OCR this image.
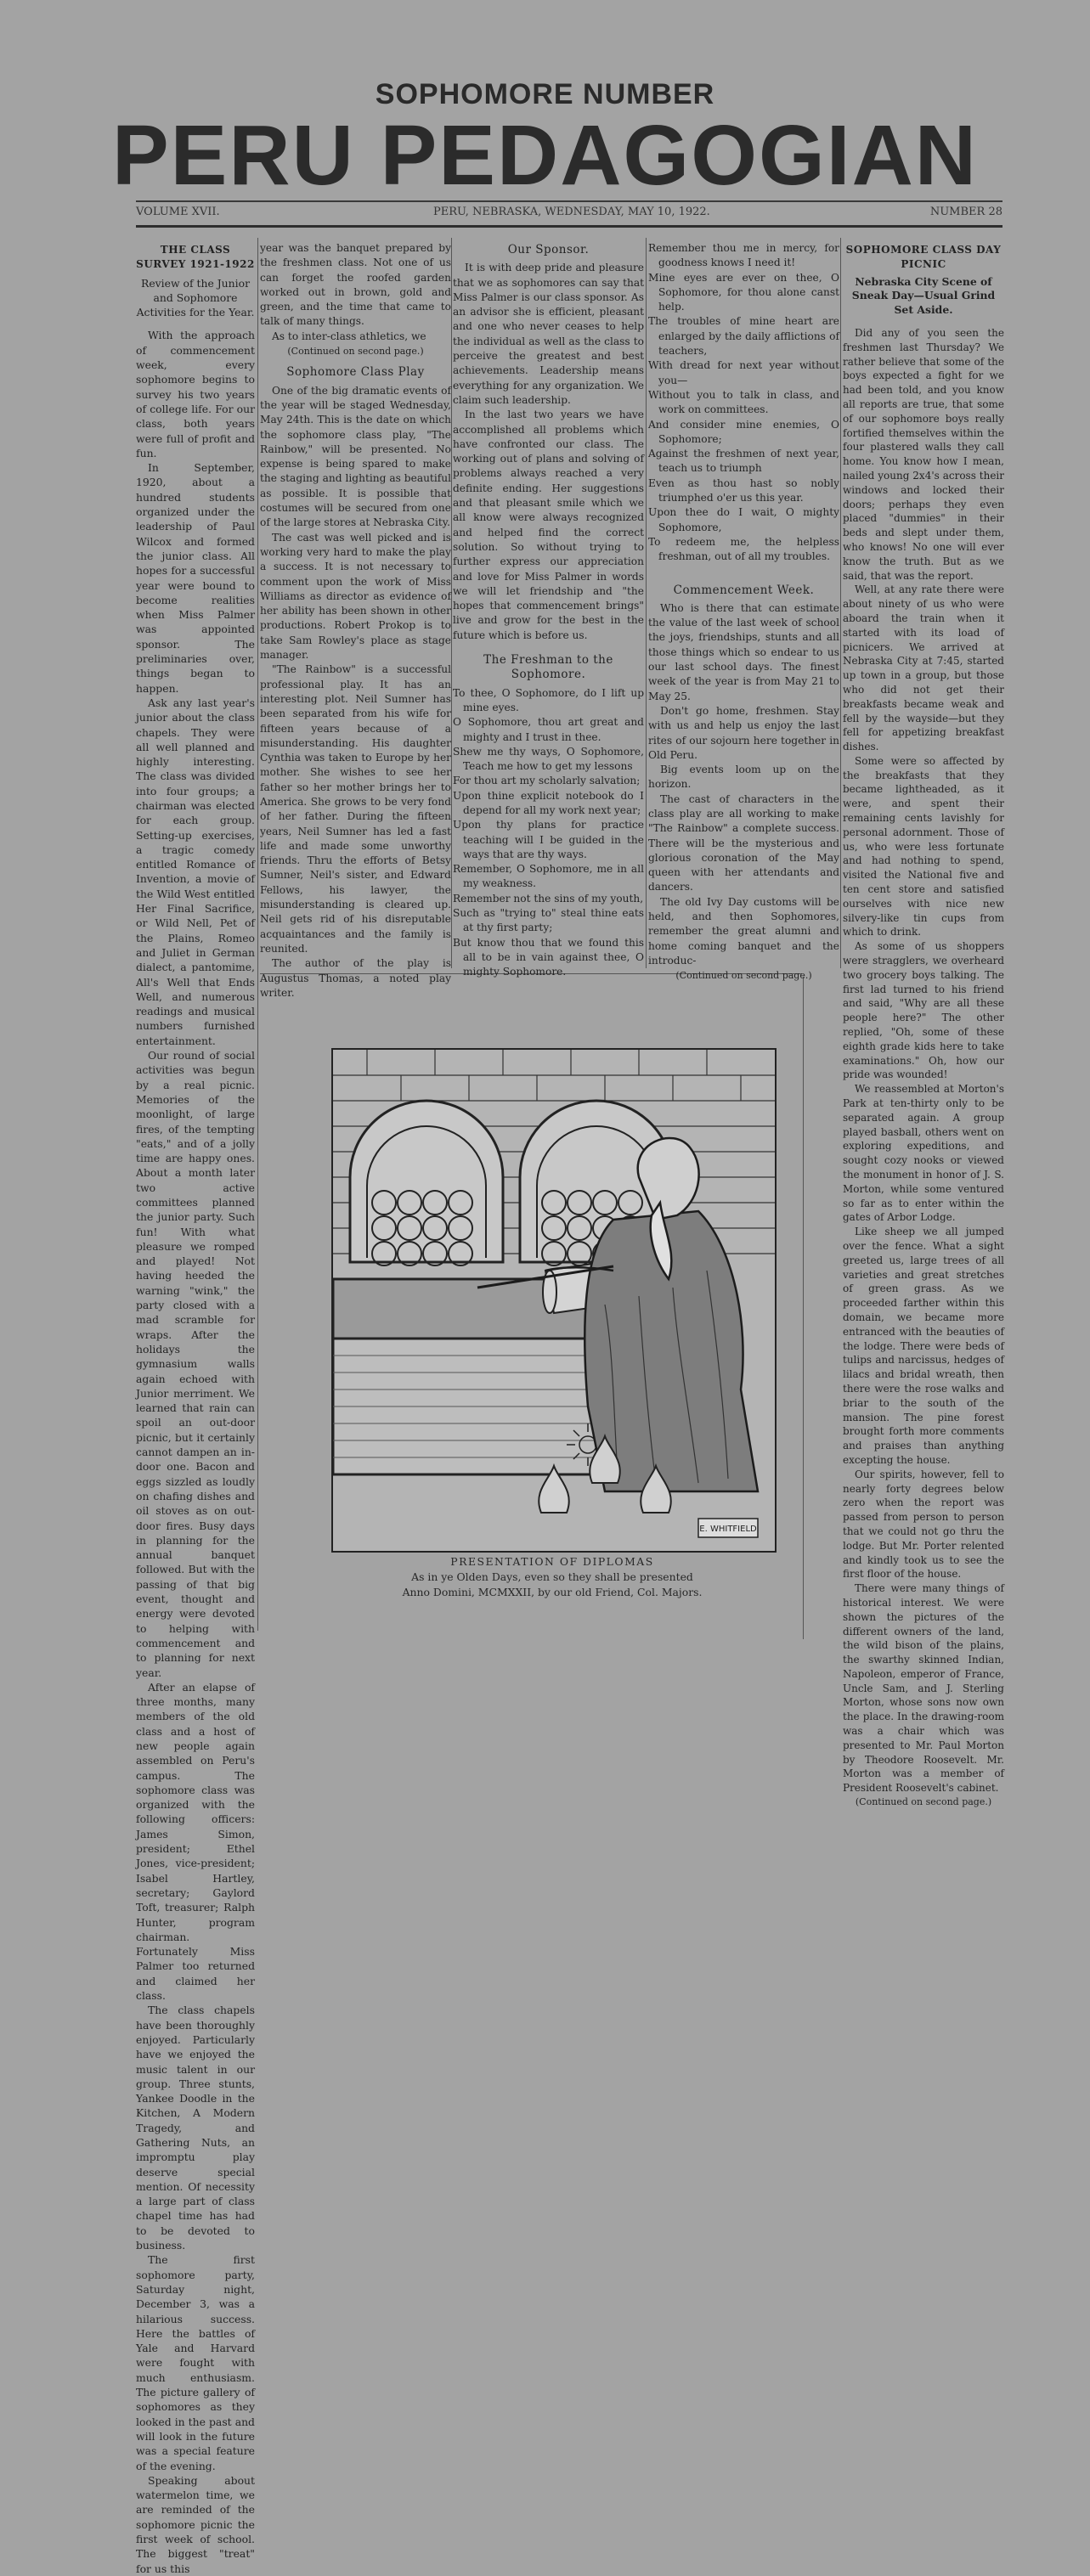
SOPHOMORE NUMBER
PERU PEDAGOGIAN
VOLUME XVII.	PERU, NEBRASKA, WEDNESDAY, MAY 10, 1922.	NUMBER 28
THE CLASS SURVEY 1921-1922
Review of the Junior and Sophomore Activities for the Year.

With the approach of commencement week, every sophomore begins to survey his two years of college life. For our class, both years were full of profit and fun.

In September, 1920, about a hundred students organized under the leadership of Paul Wilcox and formed the junior class. All hopes for a successful year were bound to become realities when Miss Palmer was appointed sponsor. The preliminaries over, things began to happen.

Ask any last year's junior about the class chapels. They were all well planned and highly interesting. The class was divided into four groups; a chairman was elected for each group. Setting-up exercises, a tragic comedy entitled Romance of Invention, a movie of the Wild West entitled Her Final Sacrifice, or Wild Nell, Pet of the Plains, Romeo and Juliet in German dialect, a pantomime, All's Well that Ends Well, and numerous readings and musical numbers furnished entertainment.

Our round of social activities was begun by a real picnic. Memories of the moonlight, of large fires, of the tempting "eats," and of a jolly time are happy ones. About a month later two active committees planned the junior party. Such fun! With what pleasure we romped and played! Not having heeded the warning "wink," the party closed with a mad scramble for wraps. After the holidays the gymnasium walls again echoed with Junior merriment. We learned that rain can spoil an out-door picnic, but it certainly cannot dampen an in-door one. Bacon and eggs sizzled as loudly on chafing dishes and oil stoves as on out-door fires. Busy days in planning for the annual banquet followed. But with the passing of that big event, thought and energy were devoted to helping with commencement and to planning for next year.

After an elapse of three months, many members of the old class and a host of new people again assembled on Peru's campus. The sophomore class was organized with the following officers: James Simon, president; Ethel Jones, vice-president; Isabel Hartley, secretary; Gaylord Toft, treasurer; Ralph Hunter, program chairman. Fortunately Miss Palmer too returned and claimed her class.

The class chapels have been thoroughly enjoyed. Particularly have we enjoyed the music talent in our group. Three stunts, Yankee Doodle in the Kitchen, A Modern Tragedy, and Gathering Nuts, an impromptu play deserve special mention. Of necessity a large part of class chapel time has had to be devoted to business.

The first sophomore party, Saturday night, December 3, was a hilarious success. Here the battles of Yale and Harvard were fought with much enthusiasm. The picture gallery of sophomores as they looked in the past and will look in the future was a special feature of the evening.

Speaking about watermelon time, we are reminded of the sophomore picnic the first week of school. The biggest "treat" for us this

year was the banquet prepared by the freshmen class. Not one of us can forget the roofed garden worked out in brown, gold and green, and the time that came to talk of many things.

As to inter-class athletics, we

(Continued on second page.)
Sophomore Class Play

One of the big dramatic events of the year will be staged Wednesday, May 24th. This is the date on which the sophomore class play, "The Rainbow," will be presented. No expense is being spared to make the staging and lighting as beautiful as possible. It is possible that costumes will be secured from one of the large stores at Nebraska City.

The cast was well picked and is working very hard to make the play a success. It is not necessary to comment upon the work of Miss Williams as director as evidence of her ability has been shown in other productions. Robert Prokop is to take Sam Rowley's place as stage manager.

"The Rainbow" is a successful professional play. It has an interesting plot. Neil Sumner has been separated from his wife for fifteen years because of a misunderstanding. His daughter Cynthia was taken to Europe by her mother. She wishes to see her father so her mother brings her to America. She grows to be very fond of her father. During the fifteen years, Neil Sumner has led a fast life and made some unworthy friends. Thru the efforts of Betsy Sumner, Neil's sister, and Edward Fellows, his lawyer, the misunderstanding is cleared up. Neil gets rid of his disreputable acquaintances and the family is reunited.

The author of the play is Augustus Thomas, a noted play writer.

Our Sponsor.

It is with deep pride and pleasure that we as sophomores can say that Miss Palmer is our class sponsor. As an advisor she is efficient, pleasant and one who never ceases to help the individual as well as the class to perceive the greatest and best achievements. Leadership means everything for any organization. We claim such leadership.

In the last two years we have accomplished all problems which have confronted our class. The working out of plans and solving of problems always reached a very definite ending. Her suggestions and that pleasant smile which we all know were always recognized and helped find the correct solution. So without trying to further express our appreciation and love for Miss Palmer in words we will let friendship and "the hopes that commencement brings" live and grow for the best in the future which is before us.

The Freshman to the Sophomore.
To thee, O Sophomore, do I lift up mine eyes.
O Sophomore, thou art great and mighty and I trust in thee.
Shew me thy ways, O Sophomore, Teach me how to get my lessons
For thou art my scholarly salvation;
Upon thine explicit notebook do I depend for all my work next year;
Upon thy plans for practice teaching will I be guided in the ways that are thy ways.
Remember, O Sophomore, me in all my weakness.
Remember not the sins of my youth,
Such as "trying to" steal thine eats at thy first party;
But know thou that we found this all to be in vain against thee, O mighty Sophomore.
Remember thou me in mercy, for goodness knows I need it!
Mine eyes are ever on thee, O Sophomore, for thou alone canst help.
The troubles of mine heart are enlarged by the daily afflictions of teachers,
With dread for next year without you—
Without you to talk in class, and work on committees.
And consider mine enemies, O Sophomore;
Against the freshmen of next year, teach us to triumph
Even as thou hast so nobly triumphed o'er us this year.
Upon thee do I wait, O mighty Sophomore,
To redeem me, the helpless freshman, out of all my troubles.
Commencement Week.

Who is there that can estimate the value of the last week of school the joys, friendships, stunts and all those things which so endear to us our last school days. The finest week of the year is from May 21 to May 25.

Don't go home, freshmen. Stay with us and help us enjoy the last rites of our sojourn here together in Old Peru.

Big events loom up on the horizon.

The cast of characters in the class play are all working to make "The Rainbow" a complete success. There will be the mysterious and glorious coronation of the May queen with her attendants and dancers.

The old Ivy Day customs will be held, and then Sophomores, remember the great alumni and home coming banquet and the introduc-

(Continued on second page.)
SOPHOMORE CLASS DAY PICNIC
Nebraska City Scene of Sneak Day—Usual Grind Set Aside.

Did any of you seen the freshmen last Thursday? We rather believe that some of the boys expected a fight for we had been told, and you know all reports are true, that some of our sophomore boys really fortified themselves within the four plastered walls they call home. You know how I mean, nailed young 2x4's across their windows and locked their doors; perhaps they even placed "dummies" in their beds and slept under them, who knows! No one will ever know the truth. But as we said, that was the report.

Well, at any rate there were about ninety of us who were aboard the train when it started with its load of picnicers. We arrived at Nebraska City at 7:45, started up town in a group, but those who did not get their breakfasts became weak and fell by the wayside—but they fell for appetizing breakfast dishes.

Some were so affected by the breakfasts that they became lightheaded, as it were, and spent their remaining cents lavishly for personal adornment. Those of us, who were less fortunate and had nothing to spend, visited the National five and ten cent store and satisfied ourselves with nice new silvery-like tin cups from which to drink.

As some of us shoppers were stragglers, we overheard two grocery boys talking. The first lad turned to his friend and said, "Why are all these people here?" The other replied, "Oh, some of these eighth grade kids here to take examinations." Oh, how our pride was wounded!

We reassembled at Morton's Park at ten-thirty only to be separated again. A group played basball, others went on exploring expeditions, and sought cozy nooks or viewed the monument in honor of J. S. Morton, while some ventured so far as to enter within the gates of Arbor Lodge.

Like sheep we all jumped over the fence. What a sight greeted us, large trees of all varieties and great stretches of green grass. As we proceeded farther within this domain, we became more entranced with the beauties of the lodge. There were beds of tulips and narcissus, hedges of lilacs and bridal wreath, then there were the rose walks and briar to the south of the mansion. The pine forest brought forth more comments and praises than anything excepting the house.

Our spirits, however, fell to nearly forty degrees below zero when the report was passed from person to person that we could not go thru the lodge. But Mr. Porter relented and kindly took us to see the first floor of the house.

There were many things of historical interest. We were shown the pictures of the different owners of the land, the wild bison of the plains, the swarthy skinned Indian, Napoleon, emperor of France, Uncle Sam, and J. Sterling Morton, whose sons now own the place. In the drawing-room was a chair which was presented to Mr. Paul Morton by Theodore Roosevelt. Mr. Morton was a member of President Roosevelt's cabinet.

(Continued on second page.)
E. WHITFIELD
PRESENTATION OF DIPLOMAS
As in ye Olden Days, even so they shall be presented
Anno Domini, MCMXXII, by our old Friend, Col. Majors.
